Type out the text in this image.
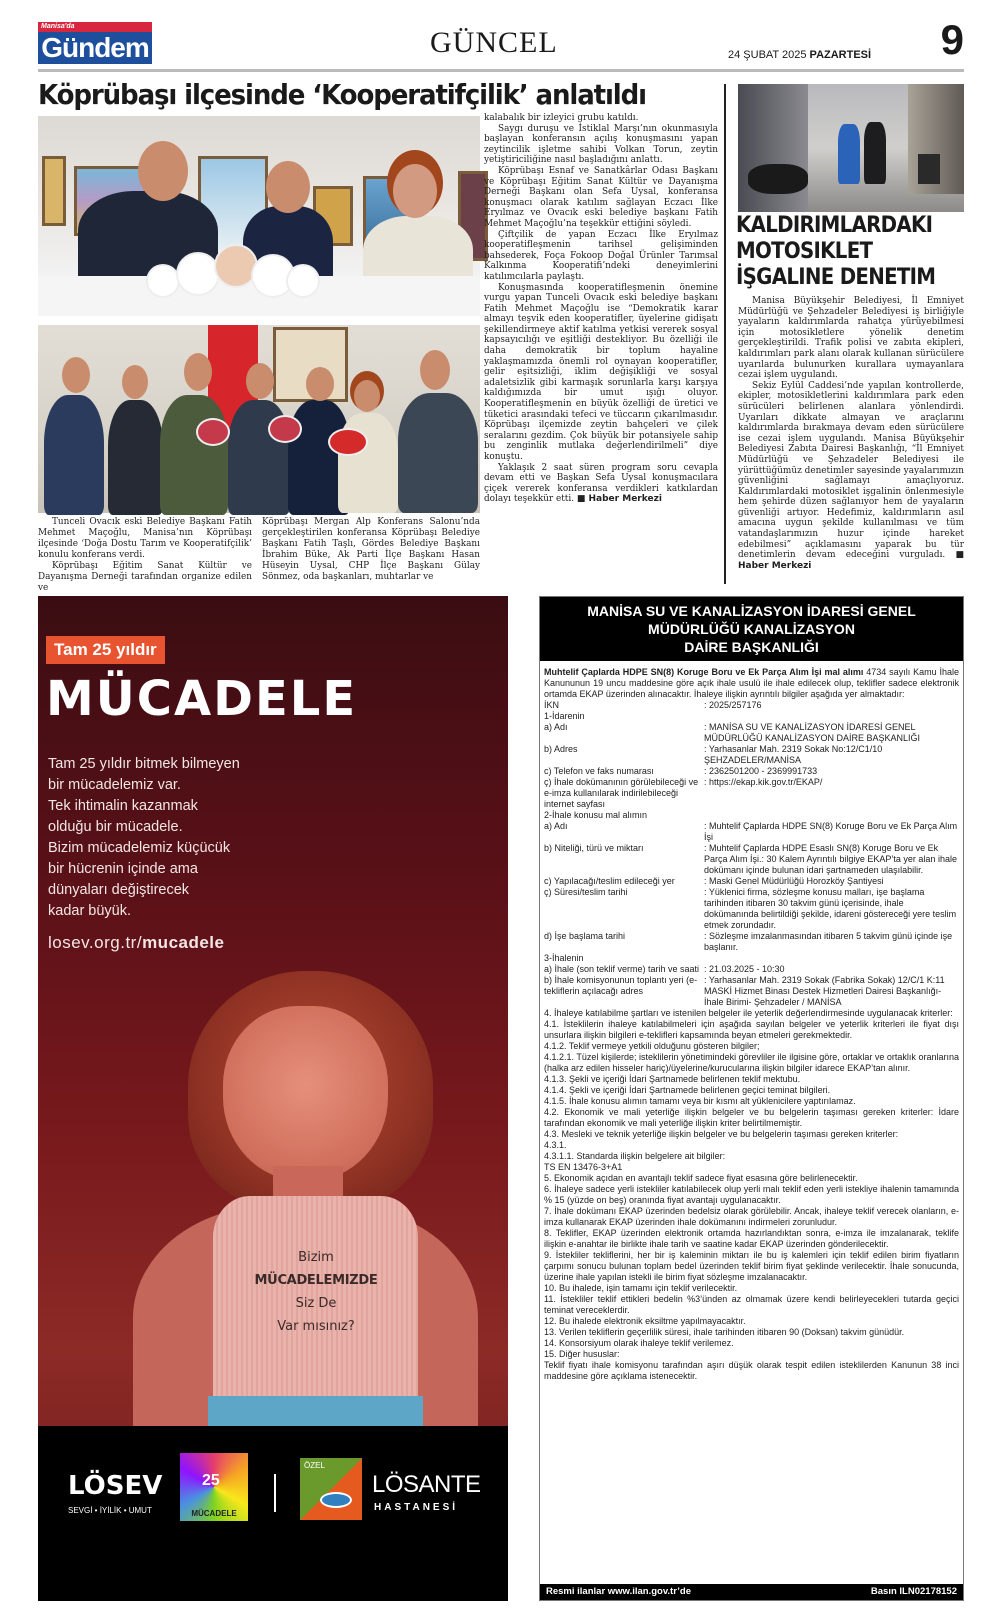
Manisa'da
Gündem	GÜNCEL	24 ŞUBAT 2025 PAZARTESİ 9
Köprübaşı ilçesinde ‘Kooperatifçilik’ anlatıldı

kalabalık bir izleyici grubu katıldı.

Saygı duruşu ve İstiklal Marşı’nın okunmasıyla başlayan konferansın açılış konuşmasını yapan zeytincilik işletme sahibi Volkan Torun, zeytin yetiştiriciliğine nasıl başladığını anlattı.

Köprübaşı Esnaf ve Sanatkârlar Odası Başkanı ve Köprübaşı Eğitim Sanat Kültür ve Dayanışma Derneği Başkanı olan Sefa Uysal, konferansa konuşmacı olarak katılım sağlayan Eczacı İlke Eryılmaz ve Ovacık eski belediye başkanı Fatih Mehmet Maçoğlu’na teşekkür ettiğini söyledi.

Çiftçilik de yapan Eczacı İlke Eryılmaz kooperatifleşmenin tarihsel gelişiminden bahsederek, Foça Fokoop Doğal Ürünler Tarımsal Kalkınma Kooperatifi’ndeki deneyimlerini katılımcılarla paylaştı.

Konuşmasında kooperatifleşmenin önemine vurgu yapan Tunceli Ovacık eski belediye başkanı Fatih Mehmet Maçoğlu ise “Demokratik karar almayı teşvik eden kooperatifler, üyelerine gidişatı şekillendirmeye aktif katılma yetkisi vererek sosyal kapsayıcılığı ve eşitliği destekliyor. Bu özelliği ile daha demokratik bir toplum hayaline yaklaşmamızda önemli rol oynayan kooperatifler, gelir eşitsizliği, iklim değişikliği ve sosyal adaletsizlik gibi karmaşık sorunlarla karşı karşıya kaldığımızda bir umut ışığı oluyor. Kooperatifleşmenin en büyük özelliği de üretici ve tüketici arasındaki tefeci ve tüccarın çıkarılmasıdır. Köprübaşı ilçemizde zeytin bahçeleri ve çilek seralarını gezdim. Çok büyük bir potansiyele sahip bu zenginlik mutlaka değerlendirilmeli” diye konuştu.

Yaklaşık 2 saat süren program soru cevapla devam etti ve Başkan Sefa Uysal konuşmacılara çiçek vererek konferansa verdikleri katkılardan dolayı teşekkür etti. ■ Haber Merkezi

Tunceli Ovacık eski Belediye Başkanı Fatih Mehmet Maçoğlu, Manisa’nın Köprübaşı ilçesinde ‘Doğa Dostu Tarım ve Kooperatifçilik’ konulu konferans verdi.

Köprübaşı Eğitim Sanat Kültür ve Dayanışma Derneği tarafından organize edilen ve

Köprübaşı Mergan Alp Konferans Salonu’nda gerçekleştirilen konferansa Köprübaşı Belediye Başkanı Fatih Taşlı, Gördes Belediye Başkanı İbrahim Büke, Ak Parti İlçe Başkanı Hasan Hüseyin Uysal, CHP İlçe Başkanı Gülay Sönmez, oda başkanları, muhtarlar ve

KALDIRIMLARDAKI MOTOSIKLET İŞGALINE DENETIM

Manisa Büyükşehir Belediyesi, İl Emniyet Müdürlüğü ve Şehzadeler Belediyesi iş birliğiyle yayaların kaldırımlarda rahatça yürüyebilmesi için motosikletlere yönelik denetim gerçekleştirildi. Trafik polisi ve zabıta ekipleri, kaldırımları park alanı olarak kullanan sürücülere uyarılarda bulunurken kurallara uymayanlara cezai işlem uygulandı.

Sekiz Eylül Caddesi’nde yapılan kontrollerde, ekipler, motosikletlerini kaldırımlara park eden sürücüleri belirlenen alanlara yönlendirdi. Uyarıları dikkate almayan ve araçlarını kaldırımlarda bırakmaya devam eden sürücülere ise cezai işlem uygulandı. Manisa Büyükşehir Belediyesi Zabıta Dairesi Başkanlığı, “İl Emniyet Müdürlüğü ve Şehzadeler Belediyesi ile yürüttüğümüz denetimler sayesinde yayalarımızın güvenliğini sağlamayı amaçlıyoruz. Kaldırımlardaki motosiklet işgalinin önlenmesiyle hem şehirde düzen sağlanıyor hem de yayaların güvenliği artıyor. Hedefimiz, kaldırımların asıl amacına uygun şekilde kullanılması ve tüm vatandaşlarımızın huzur içinde hareket edebilmesi” açıklamasını yaparak bu tür denetimlerin devam edeceğini vurguladı. ■ Haber Merkezi

Tam 25 yıldır
MÜCADELE
Tam 25 yıldır bitmek bilmeyen
bir mücadelemiz var.
Tek ihtimalin kazanmak
olduğu bir mücadele.
Bizim mücadelemiz küçücük
bir hücrenin içinde ama
dünyaları değiştirecek
kadar büyük.
losev.org.tr/mucadele
Bizim
MÜCADELEMIZDE
Siz De
Var mısınız?
LÖSEV
SEVGİ • İYİLİK • UMUT
25
MÜCADELE
ÖZEL
LÖSANTE
HASTANESİ
MANİSA SU VE KANALİZASYON İDARESİ GENEL
MÜDÜRLÜĞÜ KANALİZASYON
DAİRE BAŞKANLIĞI

Muhtelif Çaplarda HDPE SN(8) Koruge Boru ve Ek Parça Alım İşi mal alımı 4734 sayılı Kamu İhale Kanununun 19 uncu maddesine göre açık ihale usulü ile ihale edilecek olup, teklifler sadece elektronik ortamda EKAP üzerinden alınacaktır. İhaleye ilişkin ayrıntılı bilgiler aşağıda yer almaktadır:

İKN	: 2025/257176
1-İdarenin
a) Adı	: MANİSA SU VE KANALİZASYON İDARESİ GENEL MÜDÜRLÜĞÜ KANALİZASYON DAİRE BAŞKANLIĞI
b) Adres	: Yarhasanlar Mah. 2319 Sokak No:12/C1/10 ŞEHZADELER/MANİSA
c) Telefon ve faks numarası	: 2362501200 - 2369991733
ç) İhale dokümanının görülebileceği ve e-imza kullanılarak indirilebileceği internet sayfası
: https://ekap.kik.gov.tr/EKAP/
2-İhale konusu mal alımın
a) Adı	: Muhtelif Çaplarda HDPE SN(8) Koruge Boru ve Ek Parça Alım İşi
b) Niteliği, türü ve miktarı	: Muhtelif Çaplarda HDPE Esaslı SN(8) Koruge Boru ve Ek Parça Alım İşi.: 30 Kalem Ayrıntılı bilgiye EKAP’ta yer alan ihale dokümanı içinde bulunan idari şartnameden ulaşılabilir.
c) Yapılacağı/teslim edileceği yer	: Maski Genel Müdürlüğü Horozköy Şantiyesi
ç) Süresi/teslim tarihi	: Yüklenici firma, sözleşme konusu malları, işe başlama tarihinden itibaren 30 takvim günü içerisinde, ihale dokümanında belirtildiği şekilde, idareni göstereceği yere teslim etmek zorundadır.
d) İşe başlama tarihi	: Sözleşme imzalanmasından itibaren 5 takvim günü içinde işe başlanır.
3-İhalenin
a) İhale (son teklif verme) tarih ve saati : 21.03.2025 - 10:30
b) İhale komisyonunun toplantı yeri (e-tekliflerin açılacağı adres
: Yarhasanlar Mah. 2319 Sokak (Fabrika Sokak) 12/C/1 K:11 MASKİ Hizmet Binası Destek Hizmetleri Dairesi Başkanlığı- İhale Birimi- Şehzadeler / MANİSA

4. İhaleye katılabilme şartları ve istenilen belgeler ile yeterlik değerlendirmesinde uygulanacak kriterler:

4.1. İsteklilerin ihaleye katılabilmeleri için aşağıda sayılan belgeler ve yeterlik kriterleri ile fiyat dışı unsurlara ilişkin bilgileri e-teklifleri kapsamında beyan etmeleri gerekmektedir.

4.1.2. Teklif vermeye yetkili olduğunu gösteren bilgiler;

4.1.2.1. Tüzel kişilerde; isteklilerin yönetimindeki görevliler ile ilgisine göre, ortaklar ve ortaklık oranlarına (halka arz edilen hisseler hariç)/üyelerine/kurucularına ilişkin bilgiler idarece EKAP’tan alınır.

4.1.3. Şekli ve içeriği İdari Şartnamede belirlenen teklif mektubu.

4.1.4. Şekli ve içeriği İdari Şartnamede belirlenen geçici teminat bilgileri.

4.1.5. İhale konusu alımın tamamı veya bir kısmı alt yüklenicilere yaptırılamaz.

4.2. Ekonomik ve mali yeterliğe ilişkin belgeler ve bu belgelerin taşıması gereken kriterler: İdare tarafından ekonomik ve mali yeterliğe ilişkin kriter belirtilmemiştir.

4.3. Mesleki ve teknik yeterliğe ilişkin belgeler ve bu belgelerin taşıması gereken kriterler:

4.3.1.

4.3.1.1. Standarda ilişkin belgelere ait bilgiler:

TS EN 13476-3+A1

5. Ekonomik açıdan en avantajlı teklif sadece fiyat esasına göre belirlenecektir.

6. İhaleye sadece yerli istekliler katılabilecek olup yerli malı teklif eden yerli istekliye ihalenin tamamında % 15 (yüzde on beş) oranında fiyat avantajı uygulanacaktır.

7. İhale dokümanı EKAP üzerinden bedelsiz olarak görülebilir. Ancak, ihaleye teklif verecek olanların, e-imza kullanarak EKAP üzerinden ihale dokümanını indirmeleri zorunludur.

8. Teklifler, EKAP üzerinden elektronik ortamda hazırlandıktan sonra, e-imza ile imzalanarak, teklife ilişkin e-anahtar ile birlikte ihale tarih ve saatine kadar EKAP üzerinden gönderilecektir.

9. İstekliler tekliflerini, her bir iş kaleminin miktarı ile bu iş kalemleri için teklif edilen birim fiyatların çarpımı sonucu bulunan toplam bedel üzerinden teklif birim fiyat şeklinde verilecektir. İhale sonucunda, üzerine ihale yapılan istekli ile birim fiyat sözleşme imzalanacaktır.

10. Bu ihalede, işin tamamı için teklif verilecektir.

11. İstekliler teklif ettikleri bedelin %3’ünden az olmamak üzere kendi belirleyecekleri tutarda geçici teminat vereceklerdir.

12. Bu ihalede elektronik eksiltme yapılmayacaktır.

13. Verilen tekliflerin geçerlilik süresi, ihale tarihinden itibaren 90 (Doksan) takvim günüdür.

14. Konsorsiyum olarak ihaleye teklif verilemez.

15. Diğer hususlar:

Teklif fiyatı ihale komisyonu tarafından aşırı düşük olarak tespit edilen isteklilerden Kanunun 38 inci maddesine göre açıklama istenecektir.

Resmi ilanlar www.ilan.gov.tr’de	Basın ILN02178152
